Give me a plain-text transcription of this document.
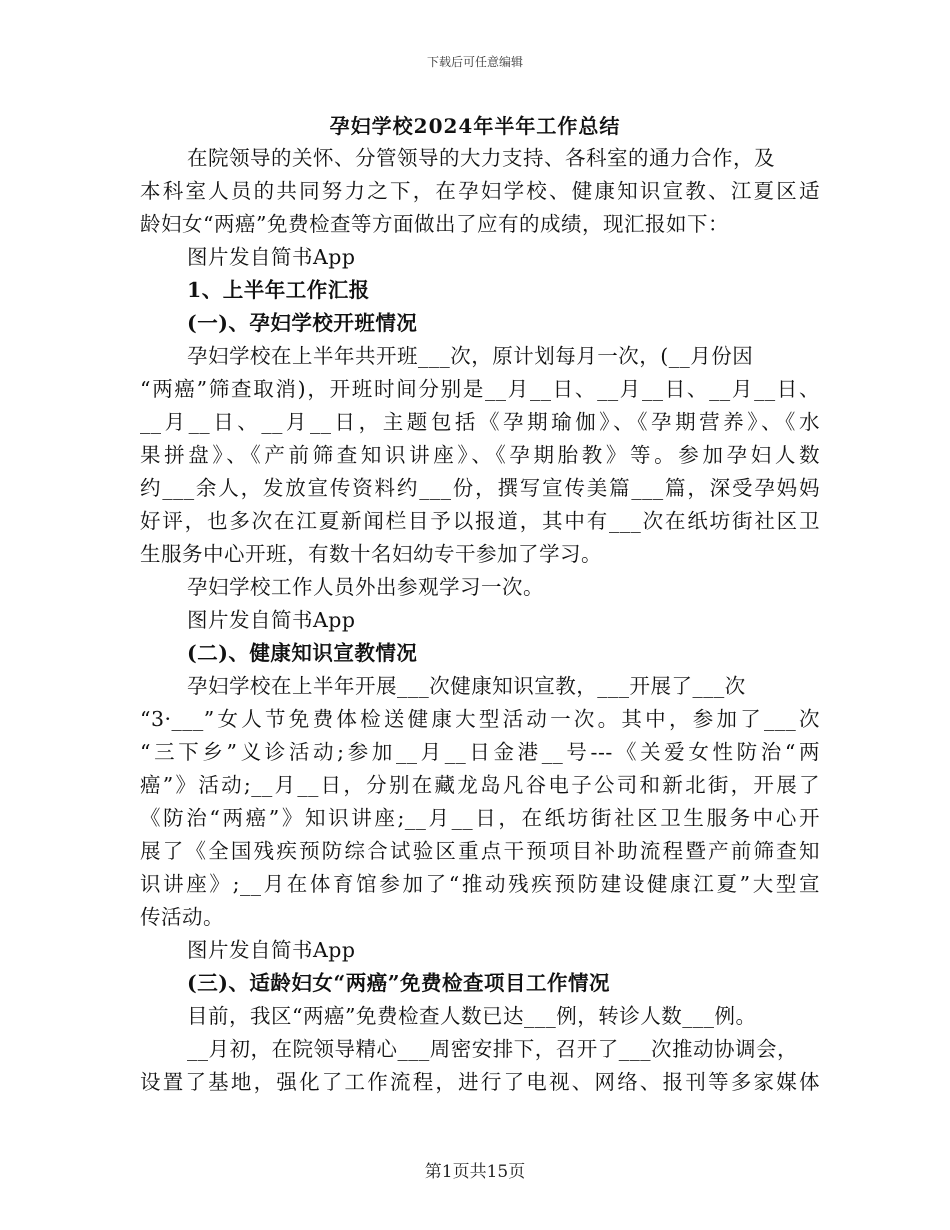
下载后可任意编辑
孕妇学校2024年半年工作总结
在院领导的关怀、分管领导的大力支持、各科室的通力合作，及
本科室人员的共同努力之下，在孕妇学校、健康知识宣教、江夏区适
龄妇女“两癌”免费检查等方面做出了应有的成绩，现汇报如下：
图片发自简书App
1、上半年工作汇报
(一)、孕妇学校开班情况
孕妇学校在上半年共开班___次，原计划每月一次，(__月份因
“两癌”筛查取消)，开班时间分别是__月__日、__月__日、__月__日、
__月__日、__月__日，主题包括《孕期瑜伽》、《孕期营养》、《水
果拼盘》、《产前筛查知识讲座》、《孕期胎教》等。参加孕妇人数
约___余人，发放宣传资料约___份，撰写宣传美篇___篇，深受孕妈妈
好评，也多次在江夏新闻栏目予以报道，其中有___次在纸坊街社区卫
生服务中心开班，有数十名妇幼专干参加了学习。
孕妇学校工作人员外出参观学习一次。
图片发自简书App
(二)、健康知识宣教情况
孕妇学校在上半年开展___次健康知识宣教，___开展了___次
“3·___”女人节免费体检送健康大型活动一次。其中，参加了___次
“三下乡”义诊活动;参加__月__日金港__号---《关爱女性防治“两
癌”》活动;__月__日，分别在藏龙岛凡谷电子公司和新北街，开展了
《防治“两癌”》知识讲座;__月__日，在纸坊街社区卫生服务中心开
展了《全国残疾预防综合试验区重点干预项目补助流程暨产前筛查知
识讲座》;__月在体育馆参加了“推动残疾预防建设健康江夏”大型宣
传活动。
图片发自简书App
(三)、适龄妇女“两癌”免费检查项目工作情况
目前，我区“两癌”免费检查人数已达___例，转诊人数___例。
__月初，在院领导精心___周密安排下，召开了___次推动协调会，
设置了基地，强化了工作流程，进行了电视、网络、报刊等多家媒体
第1页共15页
